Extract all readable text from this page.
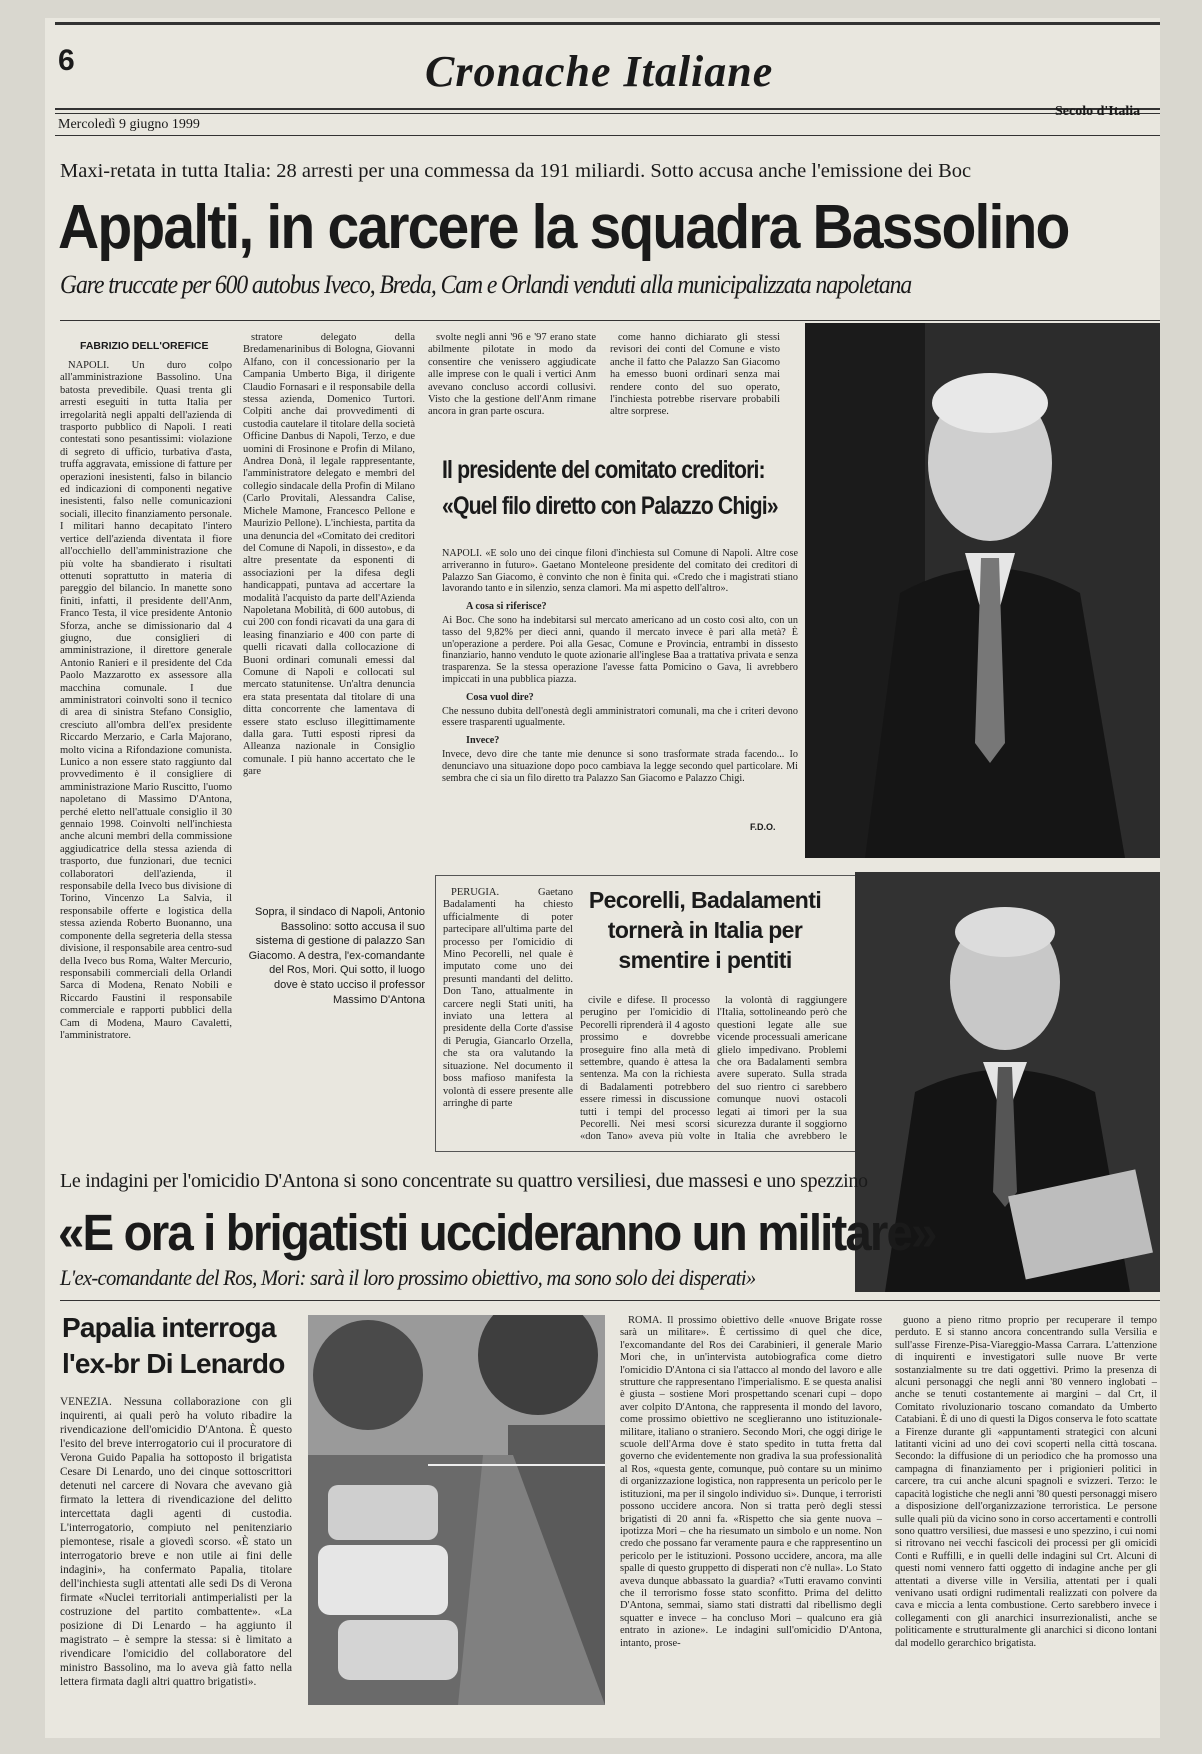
6	Cronache Italiane
Mercoledì 9 giugno 1999
Secolo d'Italia
Maxi-retata in tutta Italia: 28 arresti per una commessa da 191 miliardi. Sotto accusa anche l'emissione dei Boc
Appalti, in carcere la squadra Bassolino
Gare truccate per 600 autobus Iveco, Breda, Cam e Orlandi venduti alla municipalizzata napoletana
FABRIZIO DELL'OREFICE

NAPOLI. Un duro colpo all'amministrazione Bassolino. Una batosta prevedibile. Quasi trenta gli arresti eseguiti in tutta Italia per irregolarità negli appalti dell'azienda di trasporto pubblico di Napoli. I reati contestati sono pesantissimi: violazione di segreto di ufficio, turbativa d'asta, truffa aggravata, emissione di fatture per operazioni inesistenti, falso in bilancio ed indicazioni di componenti negative inesistenti, falso nelle comunicazioni sociali, illecito finanziamento personale. I militari hanno decapitato l'intero vertice dell'azienda diventata il fiore all'occhiello dell'amministrazione che più volte ha sbandierato i risultati ottenuti soprattutto in materia di pareggio del bilancio. In manette sono finiti, infatti, il presidente dell'Anm, Franco Testa, il vice presidente Antonio Sforza, anche se dimissionario dal 4 giugno, due consiglieri di amministrazione, il direttore generale Antonio Ranieri e il presidente del Cda Paolo Mazzarotto ex assessore alla macchina comunale. I due amministratori coinvolti sono il tecnico di area di sinistra Stefano Consiglio, cresciuto all'ombra dell'ex presidente Riccardo Merzario, e Carla Majorano, molto vicina a Rifondazione comunista. Lunico a non essere stato raggiunto dal provvedimento è il consigliere di amministrazione Mario Ruscitto, l'uomo napoletano di Massimo D'Antona, perché eletto nell'attuale consiglio il 30 gennaio 1998. Coinvolti nell'inchiesta anche alcuni membri della commissione aggiudicatrice della stessa azienda di trasporto, due funzionari, due tecnici collaboratori dell'azienda, il responsabile della Iveco bus divisione di Torino, Vincenzo La Salvia, il responsabile offerte e logistica della stessa azienda Roberto Buonanno, una componente della segreteria della stessa divisione, il responsabile area centro-sud della Iveco bus Roma, Walter Mercurio, responsabili commerciali della Orlandi Sarca di Modena, Renato Nobili e Riccardo Faustini il responsabile commerciale e rapporti pubblici della Cam di Modena, Mauro Cavaletti, l'amministratore.

stratore delegato della Bredamenarinibus di Bologna, Giovanni Alfano, con il concessionario per la Campania Umberto Biga, il dirigente Claudio Fornasari e il responsabile della stessa azienda, Domenico Turtori. Colpiti anche dai provvedimenti di custodia cautelare il titolare della società Officine Danbus di Napoli, Terzo, e due uomini di Frosinone e Profin di Milano, Andrea Donà, il legale rappresentante, l'amministratore delegato e membri del collegio sindacale della Profin di Milano (Carlo Provitali, Alessandra Calise, Michele Mamone, Francesco Pellone e Maurizio Pellone). L'inchiesta, partita da una denuncia del «Comitato dei creditori del Comune di Napoli, in dissesto», e da altre presentate da esponenti di associazioni per la difesa degli handicappati, puntava ad accertare la modalità l'acquisto da parte dell'Azienda Napoletana Mobilità, di 600 autobus, di cui 200 con fondi ricavati da una gara di leasing finanziario e 400 con parte di quelli ricavati dalla collocazione di Buoni ordinari comunali emessi dal Comune di Napoli e collocati sul mercato statunitense. Un'altra denuncia era stata presentata dal titolare di una ditta concorrente che lamentava di essere stato escluso illegittimamente dalla gara. Tutti esposti ripresi da Alleanza nazionale in Consiglio comunale. I più hanno accertato che le gare

svolte negli anni '96 e '97 erano state abilmente pilotate in modo da consentire che venissero aggiudicate alle imprese con le quali i vertici Anm avevano concluso accordi collusivi. Visto che la gestione dell'Anm rimane ancora in gran parte oscura.

come hanno dichiarato gli stessi revisori dei conti del Comune e visto anche il fatto che Palazzo San Giacomo ha emesso buoni ordinari senza mai rendere conto del suo operato, l'inchiesta potrebbe riservare probabili altre sorprese.

Il presidente del comitato creditori:
«Quel filo diretto con Palazzo Chigi»

NAPOLI. «E solo uno dei cinque filoni d'inchiesta sul Comune di Napoli. Altre cose arriveranno in futuro». Gaetano Monteleone presidente del comitato dei creditori di Palazzo San Giacomo, è convinto che non è finita qui. «Credo che i magistrati stiano lavorando tanto e in silenzio, senza clamori. Ma mi aspetto dell'altro».

A cosa si riferisce?

Ai Boc. Che sono ha indebitarsi sul mercato americano ad un costo così alto, con un tasso del 9,82% per dieci anni, quando il mercato invece è pari alla metà? È un'operazione a perdere. Poi alla Gesac, Comune e Provincia, entrambi in dissesto finanziario, hanno venduto le quote azionarie all'inglese Baa a trattativa privata e senza trasparenza. Se la stessa operazione l'avesse fatta Pomicino o Gava, li avrebbero impiccati in una pubblica piazza.

Cosa vuol dire?

Che nessuno dubita dell'onestà degli amministratori comunali, ma che i criteri devono essere trasparenti ugualmente.

Invece?

Invece, devo dire che tante mie denunce si sono trasformate strada facendo... Io denunciavo una situazione dopo poco cambiava la legge secondo quel particolare. Mi sembra che ci sia un filo diretto tra Palazzo San Giacomo e Palazzo Chigi.

F.D.O.
Sopra, il sindaco di Napoli, Antonio Bassolino: sotto accusa il suo sistema di gestione di palazzo San Giacomo. A destra, l'ex-comandante del Ros, Mori. Qui sotto, il luogo dove è stato ucciso il professor Massimo D'Antona
Pecorelli, Badalamenti tornerà in Italia per smentire i pentiti

PERUGIA. Gaetano Badalamenti ha chiesto ufficialmente di poter partecipare all'ultima parte del processo per l'omicidio di Mino Pecorelli, nel quale è imputato come uno dei presunti mandanti del delitto. Don Tano, attualmente in carcere negli Stati uniti, ha inviato una lettera al presidente della Corte d'assise di Perugia, Giancarlo Orzella, che sta ora valutando la situazione. Nel documento il boss mafioso manifesta la volontà di essere presente alle arringhe di parte

civile e difese. Il processo perugino per l'omicidio di Pecorelli riprenderà il 4 agosto prossimo e dovrebbe proseguire fino alla metà di settembre, quando è attesa la sentenza. Ma con la richiesta di Badalamenti potrebbero essere rimessi in discussione tutti i tempi del processo Pecorelli. Nei mesi scorsi «don Tano» aveva più volte

la volontà di raggiungere l'Italia, sottolineando però che questioni legate alle sue vicende processuali americane glielo impedivano. Problemi che ora Badalamenti sembra avere superato. Sulla strada del suo rientro ci sarebbero comunque nuovi ostacoli legati ai timori per la sua sicurezza durante il soggiorno in Italia che avrebbero le

Le indagini per l'omicidio D'Antona si sono concentrate su quattro versiliesi, due massesi e uno spezzino
«E ora i brigatisti uccideranno un militare»
L'ex-comandante del Ros, Mori: sarà il loro prossimo obiettivo, ma sono solo dei disperati»
Papalia interroga
l'ex-br Di Lenardo

VENEZIA. Nessuna collaborazione con gli inquirenti, ai quali però ha voluto ribadire la rivendicazione dell'omicidio D'Antona. È questo l'esito del breve interrogatorio cui il procuratore di Verona Guido Papalia ha sottoposto il brigatista Cesare Di Lenardo, uno dei cinque sottoscrittori detenuti nel carcere di Novara che avevano già firmato la lettera di rivendicazione del delitto intercettata dagli agenti di custodia. L'interrogatorio, compiuto nel penitenziario piemontese, risale a giovedì scorso. «È stato un interrogatorio breve e non utile ai fini delle indagini», ha confermato Papalia, titolare dell'inchiesta sugli attentati alle sedi Ds di Verona firmate «Nuclei territoriali antimperialisti per la costruzione del partito combattente». «La posizione di Di Lenardo – ha aggiunto il magistrato – è sempre la stessa: si è limitato a rivendicare l'omicidio del collaboratore del ministro Bassolino, ma lo aveva già fatto nella lettera firmata dagli altri quattro brigatisti».

ROMA. Il prossimo obiettivo delle «nuove Brigate rosse sarà un militare». È certissimo di quel che dice, l'excomandante del Ros dei Carabinieri, il generale Mario Mori che, in un'intervista autobiografica come dietro l'omicidio D'Antona ci sia l'attacco al mondo del lavoro e alle strutture che rappresentano l'imperialismo. E se questa analisi è giusta – sostiene Mori prospettando scenari cupi – dopo aver colpito D'Antona, che rappresenta il mondo del lavoro, come prossimo obiettivo ne sceglieranno uno istituzionale-militare, italiano o straniero. Secondo Mori, che oggi dirige le scuole dell'Arma dove è stato spedito in tutta fretta dal governo che evidentemente non gradiva la sua professionalità al Ros, «questa gente, comunque, può contare su un minimo di organizzazione logistica, non rappresenta un pericolo per le istituzioni, ma per il singolo individuo sì». Dunque, i terroristi possono uccidere ancora. Non si tratta però degli stessi brigatisti di 20 anni fa. «Rispetto che sia gente nuova – ipotizza Mori – che ha riesumato un simbolo e un nome. Non credo che possano far veramente paura e che rappresentino un pericolo per le istituzioni. Possono uccidere, ancora, ma alle spalle di questo gruppetto di disperati non c'è nulla». Lo Stato aveva dunque abbassato la guardia? «Tutti eravamo convinti che il terrorismo fosse stato sconfitto. Prima del delitto D'Antona, semmai, siamo stati distratti dal ribellismo degli squatter e invece – ha concluso Mori – qualcuno era già entrato in azione». Le indagini sull'omicidio D'Antona, intanto, prose-

guono a pieno ritmo proprio per recuperare il tempo perduto. E si stanno ancora concentrando sulla Versilia e sull'asse Firenze-Pisa-Viareggio-Massa Carrara. L'attenzione di inquirenti e investigatori sulle nuove Br verte sostanzialmente su tre dati oggettivi. Primo la presenza di alcuni personaggi che negli anni '80 vennero inglobati – anche se tenuti costantemente ai margini – dal Crt, il Comitato rivoluzionario toscano comandato da Umberto Catabiani. È di uno di questi la Digos conserva le foto scattate a Firenze durante gli «appuntamenti strategici con alcuni latitanti vicini ad uno dei covi scoperti nella città toscana. Secondo: la diffusione di un periodico che ha promosso una campagna di finanziamento per i prigionieri politici in carcere, tra cui anche alcuni spagnoli e svizzeri. Terzo: le capacità logistiche che negli anni '80 questi personaggi misero a disposizione dell'organizzazione terroristica. Le persone sulle quali più da vicino sono in corso accertamenti e controlli sono quattro versiliesi, due massesi e uno spezzino, i cui nomi si ritrovano nei vecchi fascicoli dei processi per gli omicidi Conti e Ruffilli, e in quelli delle indagini sul Crt. Alcuni di questi nomi vennero fatti oggetto di indagine anche per gli attentati a diverse ville in Versilia, attentati per i quali venivano usati ordigni rudimentali realizzati con polvere da cava e miccia a lenta combustione. Certo sarebbero invece i collegamenti con gli anarchici insurrezionalisti, anche se politicamente e strutturalmente gli anarchici si dicono lontani dal modello gerarchico brigatista.
